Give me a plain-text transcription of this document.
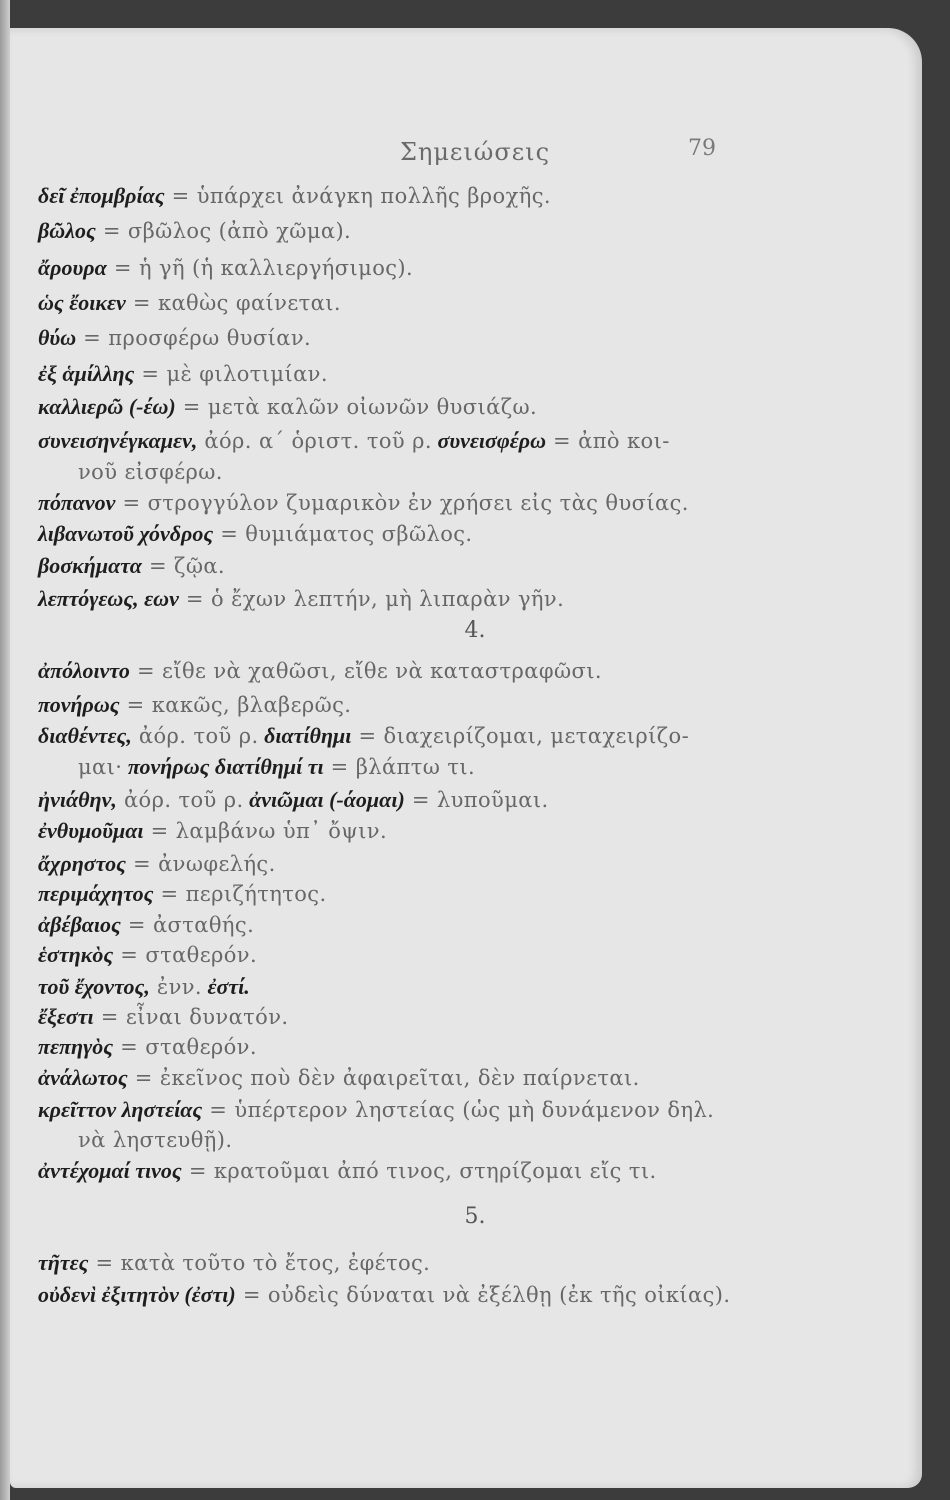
Σημειώσεις	79
δεῖ ἐπομβρίας = ὑπάρχει ἀνάγκη πολλῆς βροχῆς.
βῶλος = σβῶλος (ἀπὸ χῶμα).
ἄρουρα = ἡ γῆ (ἡ καλλιεργήσιμος).
ὡς ἔοικεν = καθὼς φαίνεται.
θύω = προσφέρω θυσίαν.
ἐξ ἁμίλλης = μὲ φιλοτιμίαν.
καλλιερῶ (-έω) = μετὰ καλῶν οἰωνῶν θυσιάζω.
συνεισηνέγκαμεν, ἀόρ. α΄ ὁριστ. τοῦ ρ. συνεισφέρω = ἀπὸ κοι-
νοῦ εἰσφέρω.
πόπανον = στρογγύλον ζυμαρικὸν ἐν χρήσει εἰς τὰς θυσίας.
λιβανωτοῦ χόνδρος = θυμιάματος σβῶλος.
βοσκήματα = ζῷα.
λεπτόγεως, εων = ὁ ἔχων λεπτήν, μὴ λιπαρὰν γῆν.
4.
ἀπόλοιντο = εἴθε νὰ χαθῶσι, εἴθε νὰ καταστραφῶσι.
πονήρως = κακῶς, βλαβερῶς.
διαθέντες, ἀόρ. τοῦ ρ. διατίθημι = διαχειρίζομαι, μεταχειρίζο-
μαι· πονήρως διατίθημί τι = βλάπτω τι.
ἠνιάθην, ἀόρ. τοῦ ρ. ἀνιῶμαι (-άομαι) = λυποῦμαι.
ἐνθυμοῦμαι = λαμβάνω ὑπ᾿ ὄψιν.
ἄχρηστος = ἀνωφελής.
περιμάχητος = περιζήτητος.
ἀβέβαιος = ἀσταθής.
ἑστηκὸς = σταθερόν.
τοῦ ἔχοντος, ἐνν. ἐστί.
ἔξεστι = εἶναι δυνατόν.
πεπηγὸς = σταθερόν.
ἀνάλωτος = ἐκεῖνος ποὺ δὲν ἀφαιρεῖται, δὲν παίρνεται.
κρεῖττον ληστείας = ὑπέρτερον ληστείας (ὡς μὴ δυνάμενον δηλ.
νὰ ληστευθῇ).
ἀντέχομαί τινος = κρατοῦμαι ἀπό τινος, στηρίζομαι εἴς τι.
5.
τῆτες = κατὰ τοῦτο τὸ ἔτος, ἐφέτος.
οὐδενὶ ἐξιτητὸν (ἐστι) = οὐδεὶς δύναται νὰ ἐξέλθῃ (ἐκ τῆς οἰκίας).
